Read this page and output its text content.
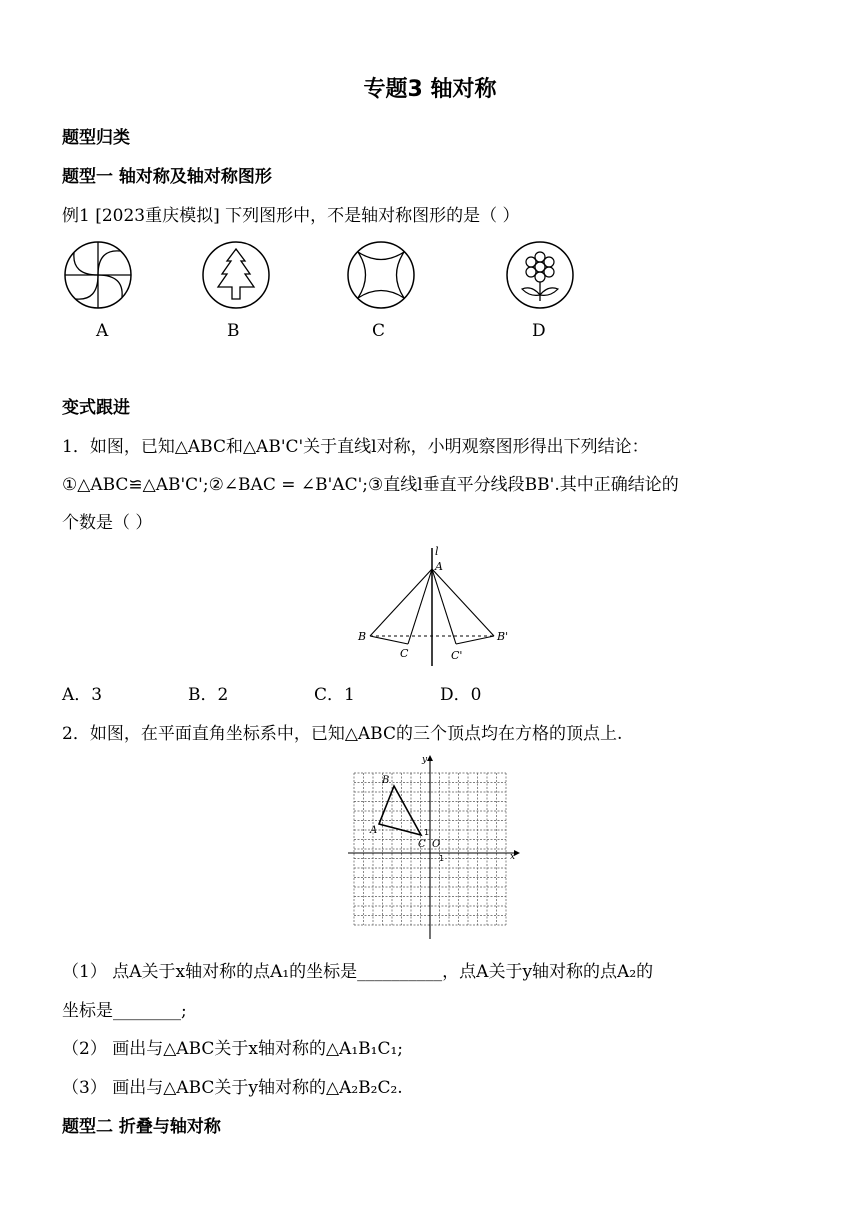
专题3 轴对称
题型归类
题型一 轴对称及轴对称图形
例1 [2023重庆模拟] 下列图形中，不是轴对称图形的是（ ）
A	B	C	D
变式跟进
1．如图，已知△ABC和△AB'C'关于直线l对称，小明观察图形得出下列结论：
①△ABC≌△AB'C';②∠BAC = ∠B'AC';③直线l垂直平分线段BB'.其中正确结论的
个数是（ ）
l
A
B
C	C'
B'
A．3	B．2	C．1	D．0
2．如图，在平面直角坐标系中，已知△ABC的三个顶点均在方格的顶点上.
x
y
O
B
A
C
1
1
（1） 点A关于x轴对称的点A₁的坐标是__________，点A关于y轴对称的点A₂的
坐标是________;
（2） 画出与△ABC关于x轴对称的△A₁B₁C₁;
（3） 画出与△ABC关于y轴对称的△A₂B₂C₂.
题型二 折叠与轴对称
